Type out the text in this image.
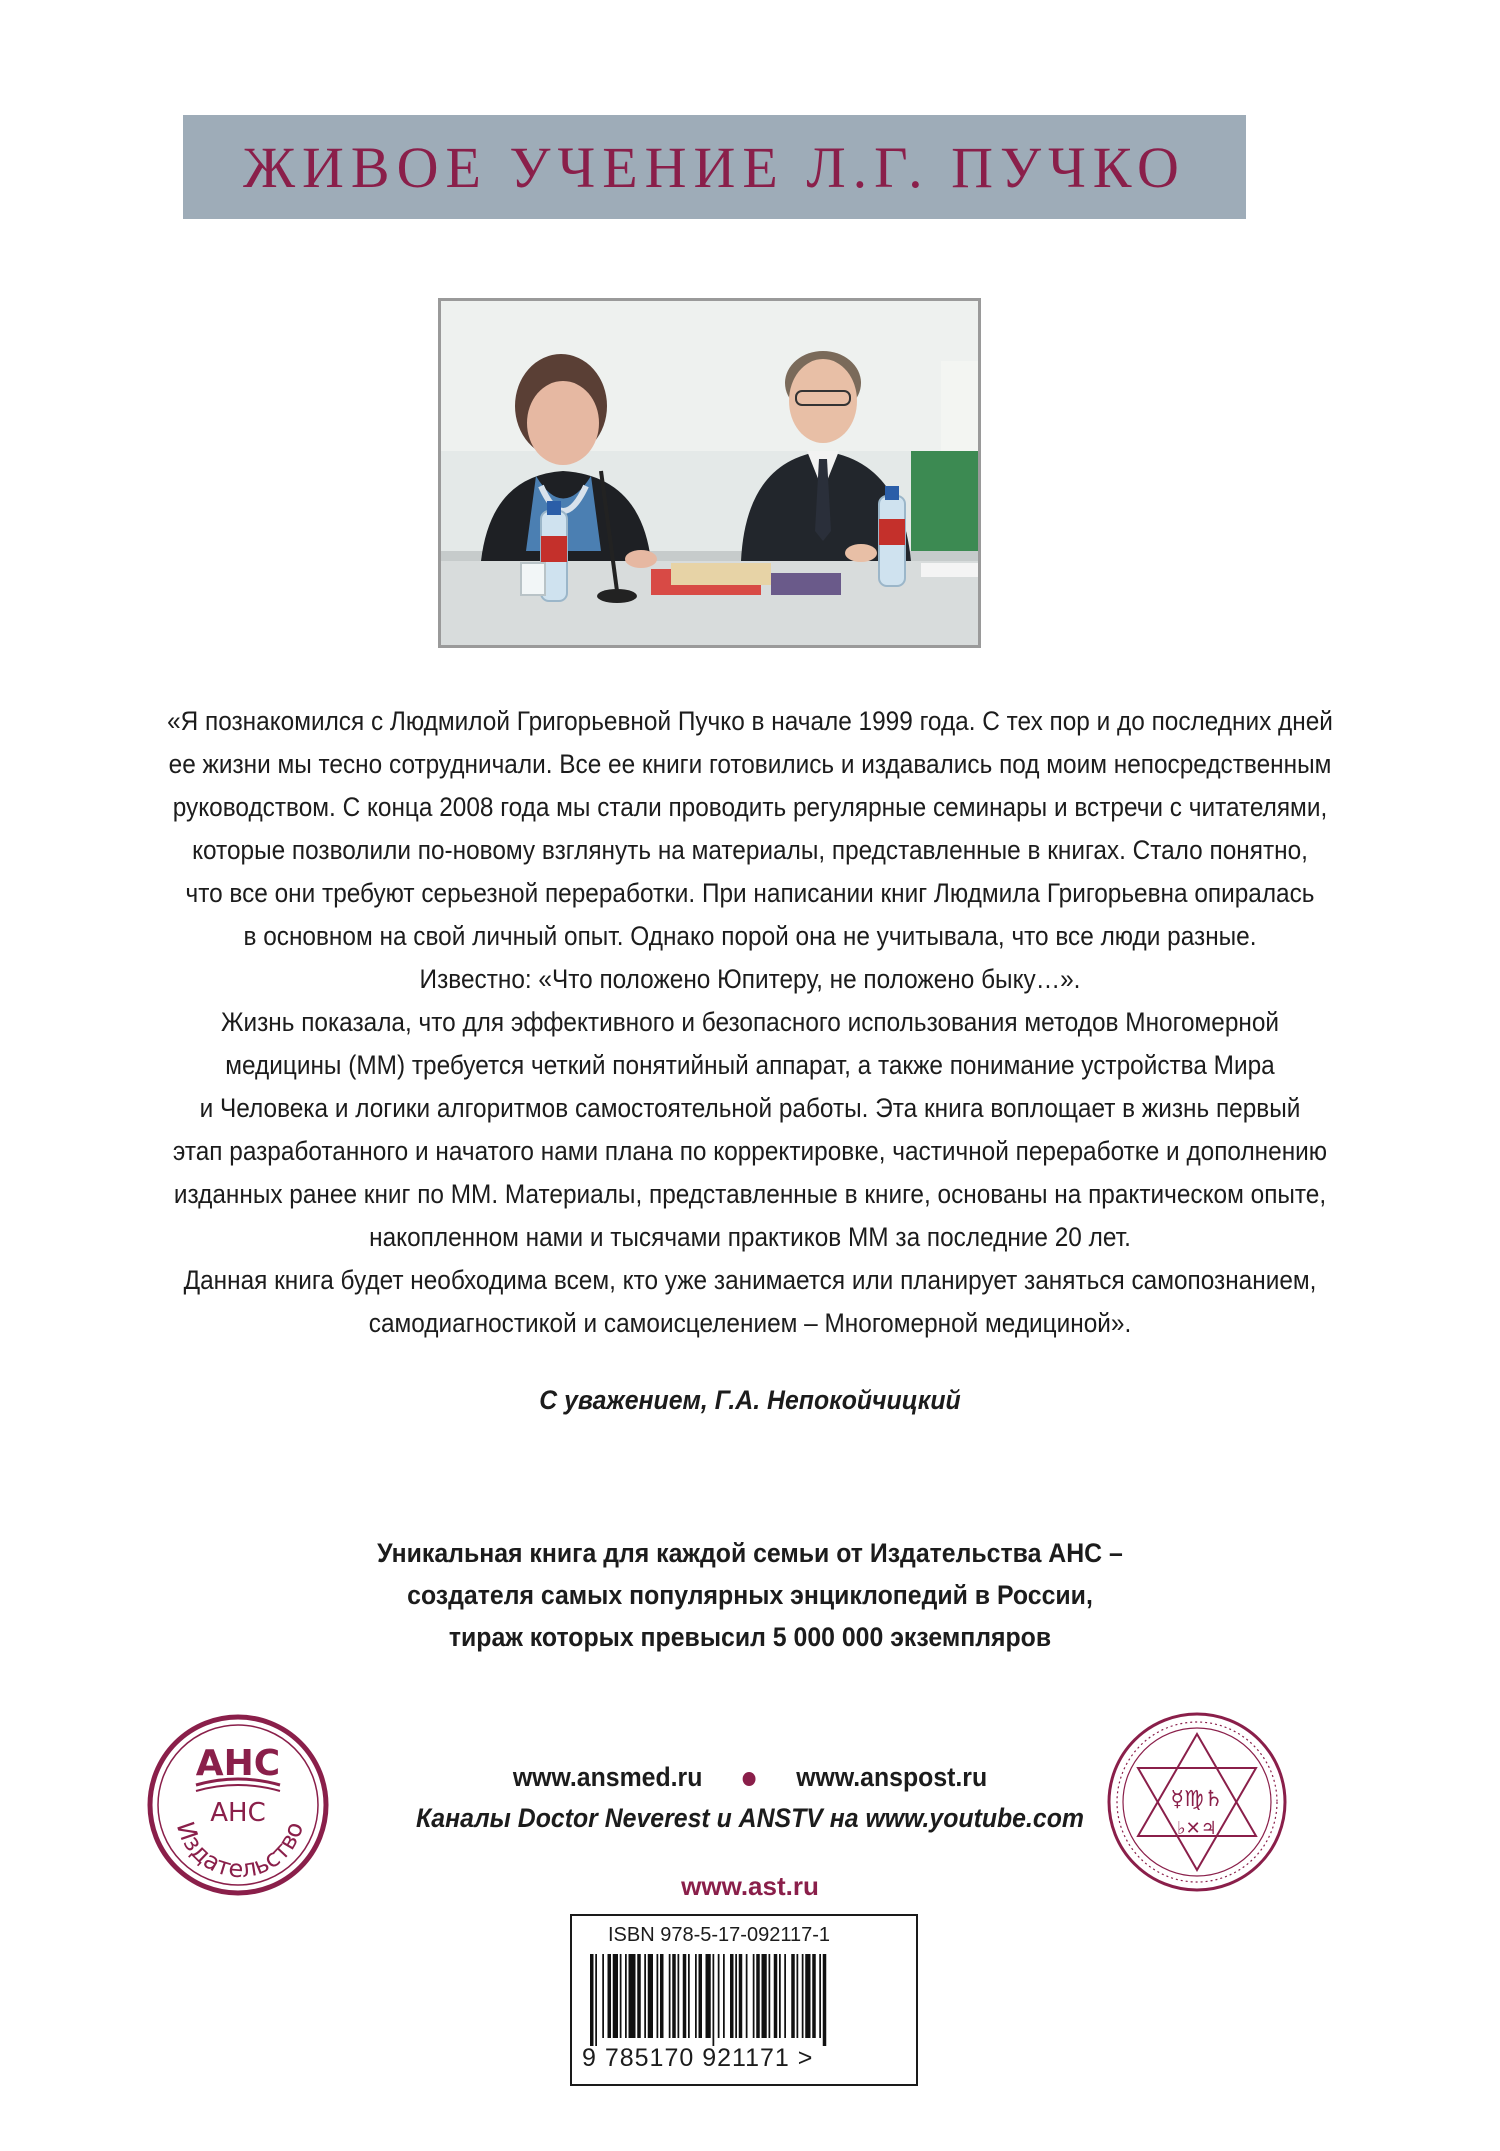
ЖИВОЕ УЧЕНИЕ Л.Г. ПУЧКО
«Я познакомился с Людмилой Григорьевной Пучко в начале 1999 года. С тех пор и до последних дней
ее жизни мы тесно сотрудничали. Все ее книги готовились и издавались под моим непосредственным
руководством. С конца 2008 года мы стали проводить регулярные семинары и встречи с читателями,
которые позволили по-новому взглянуть на материалы, представленные в книгах. Стало понятно,
что все они требуют серьезной переработки. При написании книг Людмила Григорьевна опиралась
в основном на свой личный опыт. Однако порой она не учитывала, что все люди разные.
Известно: «Что положено Юпитеру, не положено быку…».
Жизнь показала, что для эффективного и безопасного использования методов Многомерной
медицины (ММ) требуется четкий понятийный аппарат, а также понимание устройства Мира
и Человека и логики алгоритмов самостоятельной работы. Эта книга воплощает в жизнь первый
этап разработанного и начатого нами плана по корректировке, частичной переработке и дополнению
изданных ранее книг по ММ. Материалы, представленные в книге, основаны на практическом опыте,
накопленном нами и тысячами практиков ММ за последние 20 лет.
Данная книга будет необходима всем, кто уже занимается или планирует заняться самопознанием,
самодиагностикой и самоисцелением – Многомерной медициной».
С уважением, Г.А. Непокойчицкий
Уникальная книга для каждой семьи от Издательства АНС –
создателя самых популярных энциклопедий в России,
тираж которых превысил 5 000 000 экземпляров
АНС
АНС
Издательство
www.ansmed.ru	www.anspost.ru
Каналы Doctor Neverest и ANSTV на www.youtube.com
☿♍♄
♭✕♃
www.ast.ru
ISBN 978-5-17-092117-1
9 785170 921171 >
